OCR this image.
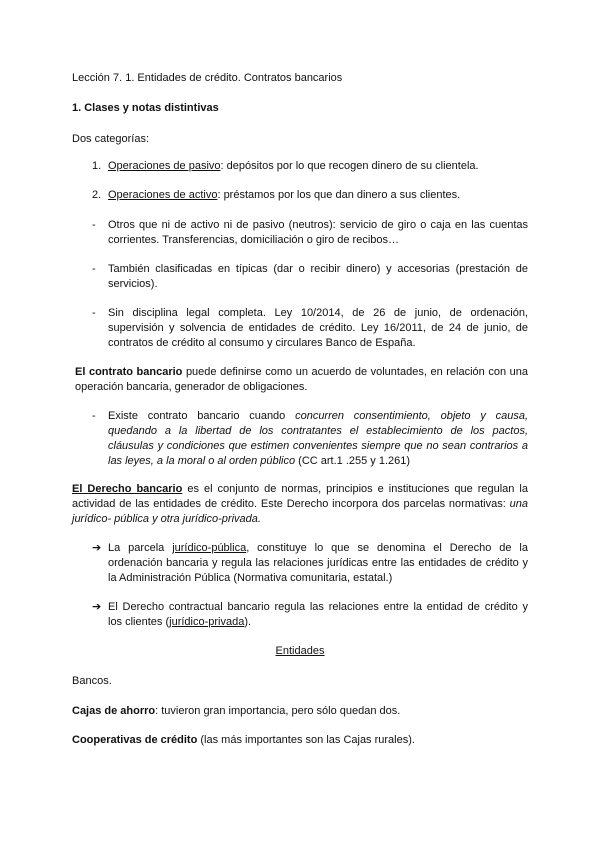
Lección 7. 1. Entidades de crédito. Contratos bancarios

1. Clases y notas distintivas

Dos categorías:

1. Operaciones de pasivo: depósitos por lo que recogen dinero de su clientela.
2. Operaciones de activo: préstamos por los que dan dinero a sus clientes.
- Otros que ni de activo ni de pasivo (neutros): servicio de giro o caja en las cuentas
corrientes. Transferencias, domiciliación o giro de recibos…
- También clasificadas en típicas (dar o recibir dinero) y accesorias (prestación de
servicios).
- Sin disciplina legal completa. Ley 10/2014, de 26 de junio, de ordenación,
supervisión y solvencia de entidades de crédito. Ley 16/2011, de 24 de junio, de
contratos de crédito al consumo y circulares Banco de España.
El contrato bancario puede definirse como un acuerdo de voluntades, en relación con una
operación bancaria, generador de obligaciones.
- Existe contrato bancario cuando concurren consentimiento, objeto y causa,
quedando a la libertad de los contratantes el establecimiento de los pactos,
cláusulas y condiciones que estimen convenientes siempre que no sean contrarios a
las leyes, a la moral o al orden público (CC art.1 .255 y 1.261)
El Derecho bancario es el conjunto de normas, principios e instituciones que regulan la
actividad de las entidades de crédito. Este Derecho incorpora dos parcelas normativas: una
jurídico- pública y otra jurídico-privada.
➔ La parcela jurídico-pública, constituye lo que se denomina el Derecho de la
ordenación bancaria y regula las relaciones jurídicas entre las entidades de crédito y
la Administración Pública (Normativa comunitaria, estatal.)
➔ El Derecho contractual bancario regula las relaciones entre la entidad de crédito y
los clientes (jurídico-privada).

Entidades

Bancos.

Cajas de ahorro: tuvieron gran importancia, pero sólo quedan dos.

Cooperativas de crédito (las más importantes son las Cajas rurales).
